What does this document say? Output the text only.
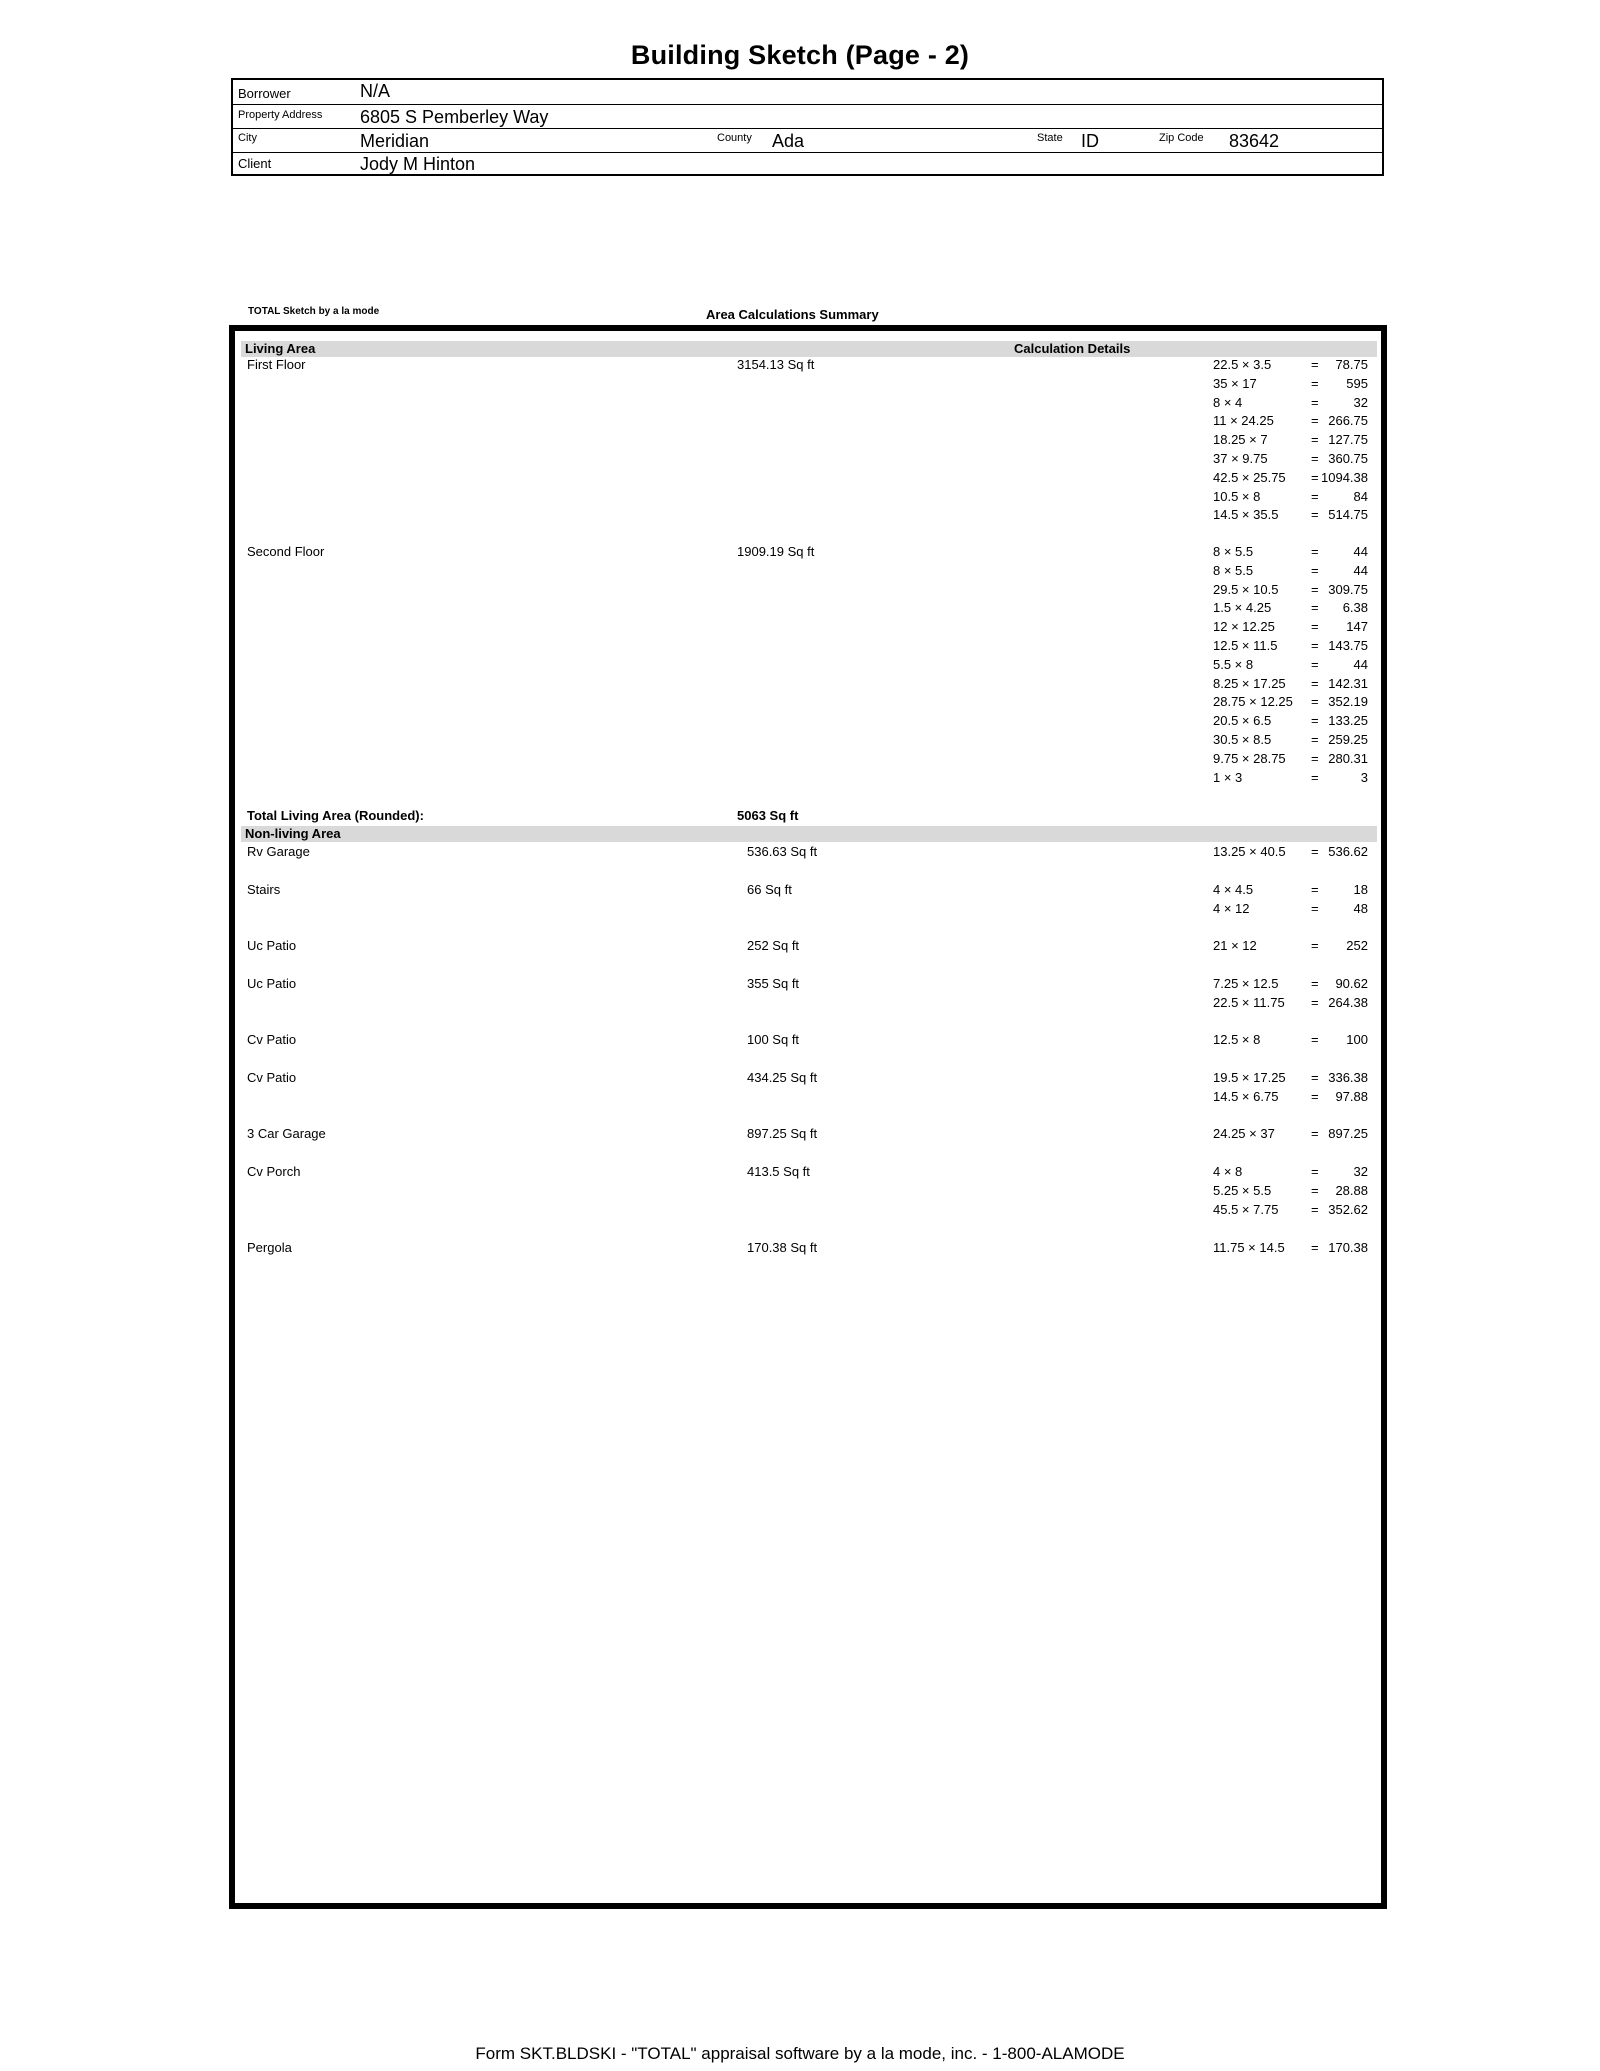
Building Sketch (Page - 2)
Borrower	N/A
Property Address 6805 S Pemberley Way
City	Meridian	County Ada	State ID	Zip Code 83642
Client	Jody M Hinton
TOTAL Sketch by a la mode	Area Calculations Summary
Living Area	Calculation Details
First Floor	3154.13 Sq ft	22.5 × 3.5	= 78.75
35 × 17	= 595
8 × 4	=	32
11 × 24.25	= 266.75
18.25 × 7	= 127.75
37 × 9.75	= 360.75
42.5 × 25.75 = 1094.38
10.5 × 8	=	84
14.5 × 35.5	= 514.75
Second Floor	1909.19 Sq ft	8 × 5.5	=	44
8 × 5.5	=	44
29.5 × 10.5	= 309.75
1.5 × 4.25	= 6.38
12 × 12.25	= 147
12.5 × 11.5	= 143.75
5.5 × 8	=	44
8.25 × 17.25 = 142.31
28.75 × 12.25 = 352.19
20.5 × 6.5	= 133.25
30.5 × 8.5	= 259.25
9.75 × 28.75 = 280.31
1 × 3	=	3
Total Living Area (Rounded):	5063 Sq ft
Non-living Area
Rv Garage	536.63 Sq ft	13.25 × 40.5 = 536.62
Stairs	66 Sq ft	4 × 4.5	=	18
4 × 12	=	48
Uc Patio	252 Sq ft	21 × 12	= 252
Uc Patio	355 Sq ft	7.25 × 12.5	= 90.62
22.5 × 11.75 = 264.38
Cv Patio	100 Sq ft	12.5 × 8	= 100
Cv Patio	434.25 Sq ft	19.5 × 17.25 = 336.38
14.5 × 6.75	= 97.88
3 Car Garage	897.25 Sq ft	24.25 × 37	= 897.25
Cv Porch	413.5 Sq ft	4 × 8	=	32
5.25 × 5.5	= 28.88
45.5 × 7.75	= 352.62
Pergola	170.38 Sq ft	11.75 × 14.5 = 170.38
Form SKT.BLDSKI - "TOTAL" appraisal software by a la mode, inc. - 1-800-ALAMODE
